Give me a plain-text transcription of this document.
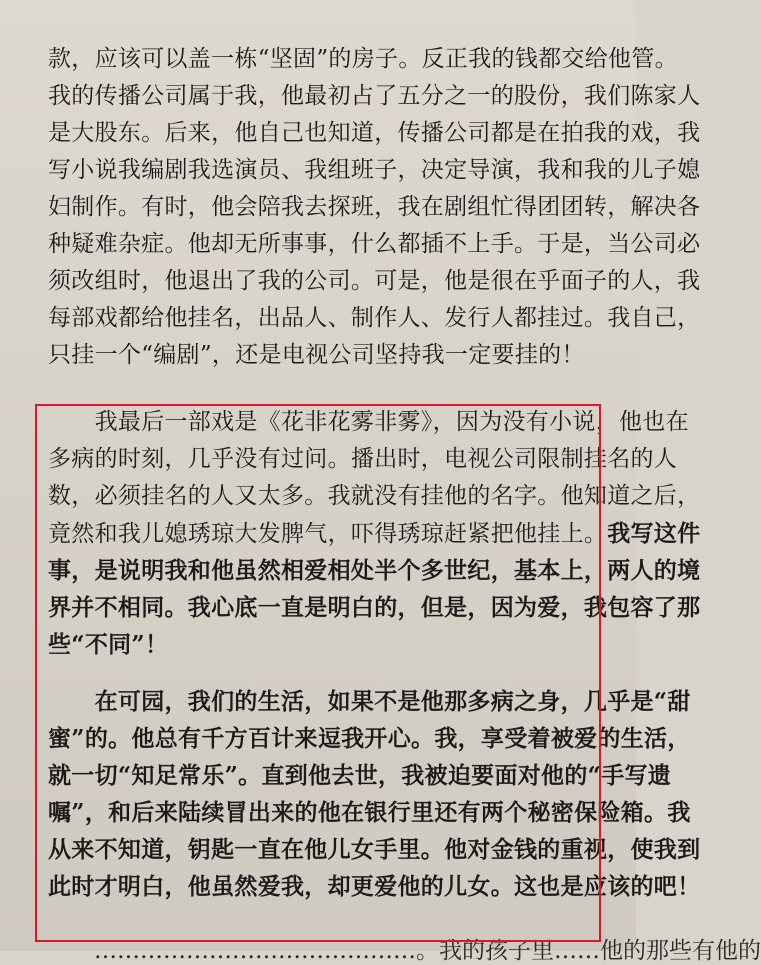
款，应该可以盖一栋“坚固”的房子。反正我的钱都交给他管。
我的传播公司属于我，他最初占了五分之一的股份，我们陈家人
是大股东。后来，他自己也知道，传播公司都是在拍我的戏，我
写小说我编剧我选演员、我组班子，决定导演，我和我的儿子媳
妇制作。有时，他会陪我去探班，我在剧组忙得团团转，解决各
种疑难杂症。他却无所事事，什么都插不上手。于是，当公司必
须改组时，他退出了我的公司。可是，他是很在乎面子的人，我
每部戏都给他挂名，出品人、制作人、发行人都挂过。我自己，
只挂一个“编剧”，还是电视公司坚持我一定要挂的！
　　我最后一部戏是《花非花雾非雾》，因为没有小说，他也在
多病的时刻，几乎没有过问。播出时，电视公司限制挂名的人
数，必须挂名的人又太多。我就没有挂他的名字。他知道之后，
竟然和我儿媳琇琼大发脾气，吓得琇琼赶紧把他挂上。我写这件
事，是说明我和他虽然相爱相处半个多世纪，基本上，两人的境
界并不相同。我心底一直是明白的，但是，因为爱，我包容了那
些“不同”！
　　在可园，我们的生活，如果不是他那多病之身，几乎是“甜
蜜”的。他总有千方百计来逗我开心。我，享受着被爱的生活，
就一切“知足常乐”。直到他去世，我被迫要面对他的“手写遗
嘱”，和后来陆续冒出来的他在银行里还有两个秘密保险箱。我
从来不知道，钥匙一直在他儿女手里。他对金钱的重视，使我到
此时才明白，他虽然爱我，却更爱他的儿女。这也是应该的吧！
　　……………………………………。我的孩子里……他的那些有他的
